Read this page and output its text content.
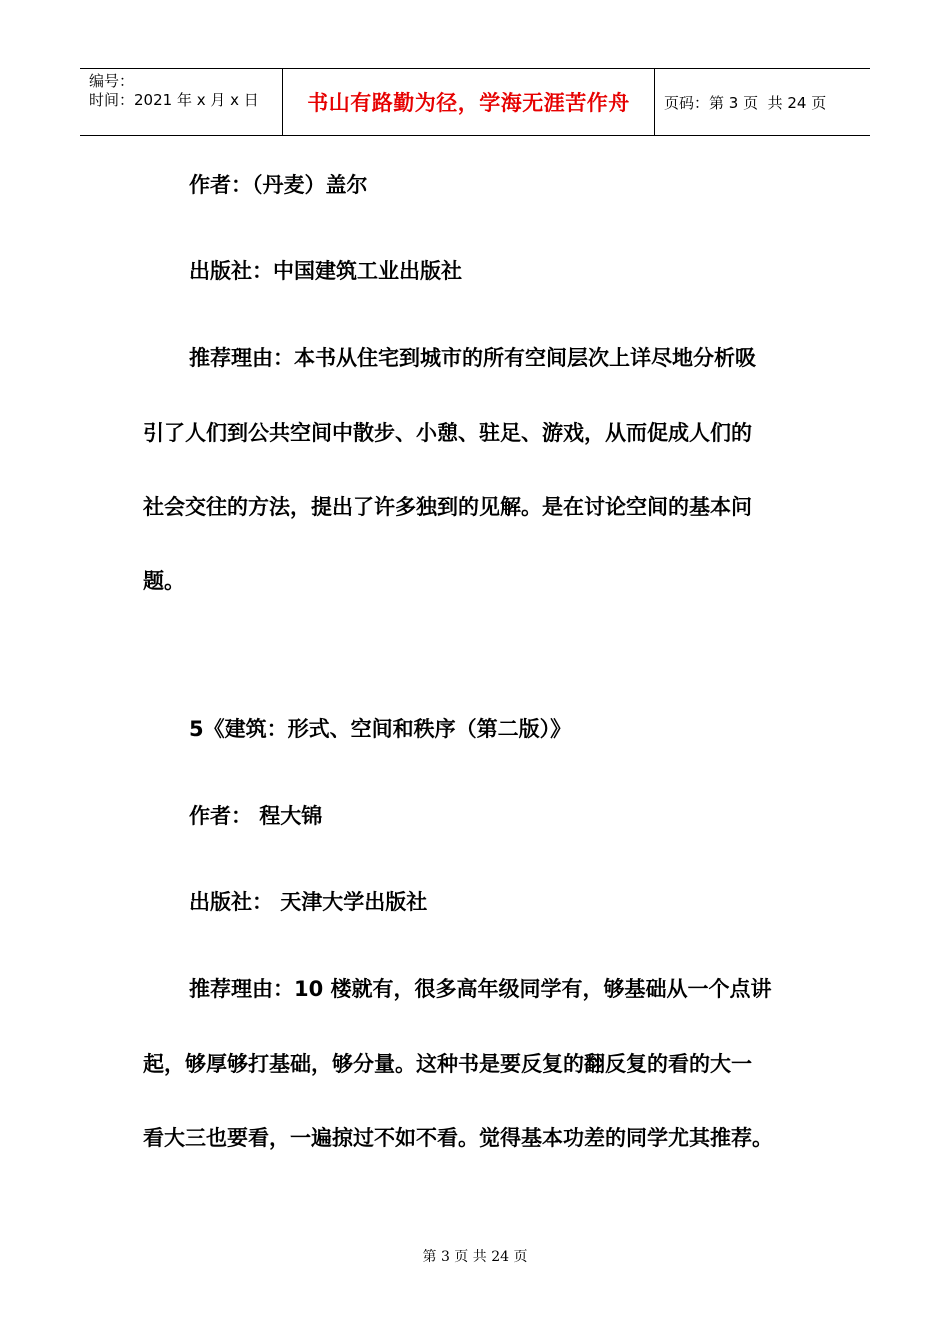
编号：
时间：2021 年 x 月 x 日	书山有路勤为径，学海无涯苦作舟	页码：第 3 页  共 24 页
作者：（丹麦）盖尔
出版社：中国建筑工业出版社
推荐理由：本书从住宅到城市的所有空间层次上详尽地分析吸
引了人们到公共空间中散步、小憩、驻足、游戏，从而促成人们的
社会交往的方法，提出了许多独到的见解。是在讨论空间的基本问
题。
5《建筑：形式、空间和秩序（第二版）》
作者： 程大锦
出版社： 天津大学出版社
推荐理由：10 楼就有，很多高年级同学有，够基础从一个点讲
起，够厚够打基础，够分量。这种书是要反复的翻反复的看的大一
看大三也要看，一遍掠过不如不看。觉得基本功差的同学尤其推荐。
第 3 页 共 24 页
